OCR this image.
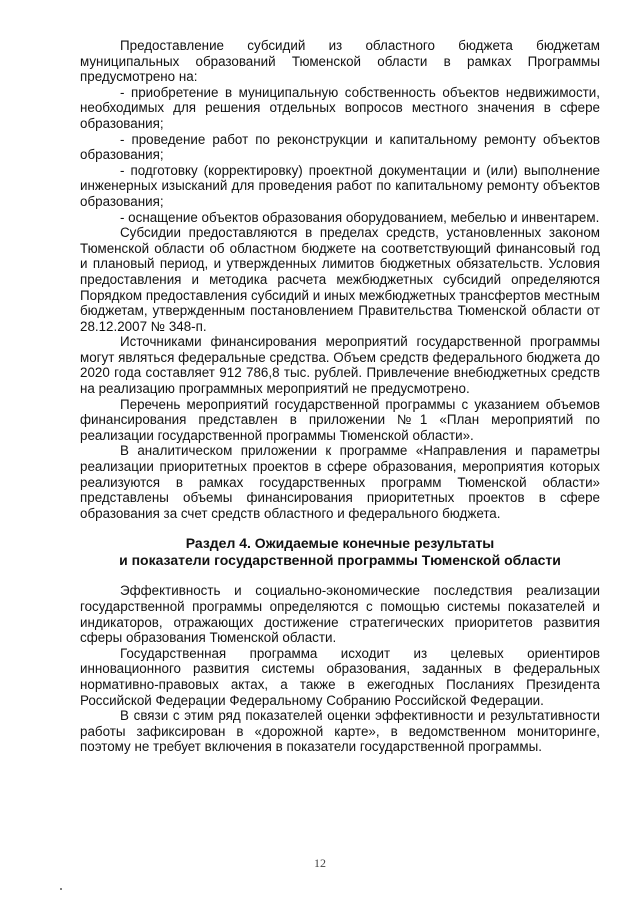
Предоставление субсидий из областного бюджета бюджетам муниципальных образований Тюменской области в рамках Программы предусмотрено на:

- приобретение в муниципальную собственность объектов недвижимости, необходимых для решения отдельных вопросов местного значения в сфере образования;

- проведение работ по реконструкции и капитальному ремонту объектов образования;

- подготовку (корректировку) проектной документации и (или) выполнение инженерных изысканий для проведения работ по капитальному ремонту объектов образования;

- оснащение объектов образования оборудованием, мебелью и инвентарем.

Субсидии предоставляются в пределах средств, установленных законом Тюменской области об областном бюджете на соответствующий финансовый год и плановый период, и утвержденных лимитов бюджетных обязательств. Условия предоставления и методика расчета межбюджетных субсидий определяются Порядком предоставления субсидий и иных межбюджетных трансфертов местным бюджетам, утвержденным постановлением Правительства Тюменской области от 28.12.2007 № 348-п.

Источниками финансирования мероприятий государственной программы могут являться федеральные средства. Объем средств федерального бюджета до 2020 года составляет 912 786,8 тыс. рублей. Привлечение внебюджетных средств на реализацию программных мероприятий не предусмотрено.

Перечень мероприятий государственной программы с указанием объемов финансирования представлен в приложении №1 «План мероприятий по реализации государственной программы Тюменской области».

В аналитическом приложении к программе «Направления и параметры реализации приоритетных проектов в сфере образования, мероприятия которых реализуются в рамках государственных программ Тюменской области» представлены объемы финансирования приоритетных проектов в сфере образования за счет средств областного и федерального бюджета.

Раздел 4. Ожидаемые конечные результаты
и показатели государственной программы Тюменской области

Эффективность и социально-экономические последствия реализации государственной программы определяются с помощью системы показателей и индикаторов, отражающих достижение стратегических приоритетов развития сферы образования Тюменской области.

Государственная программа исходит из целевых ориентиров инновационного развития системы образования, заданных в федеральных нормативно-правовых актах, а также в ежегодных Посланиях Президента Российской Федерации Федеральному Собранию Российской Федерации.

В связи с этим ряд показателей оценки эффективности и результативности работы зафиксирован в «дорожной карте», в ведомственном мониторинге, поэтому не требует включения в показатели государственной программы.

12
